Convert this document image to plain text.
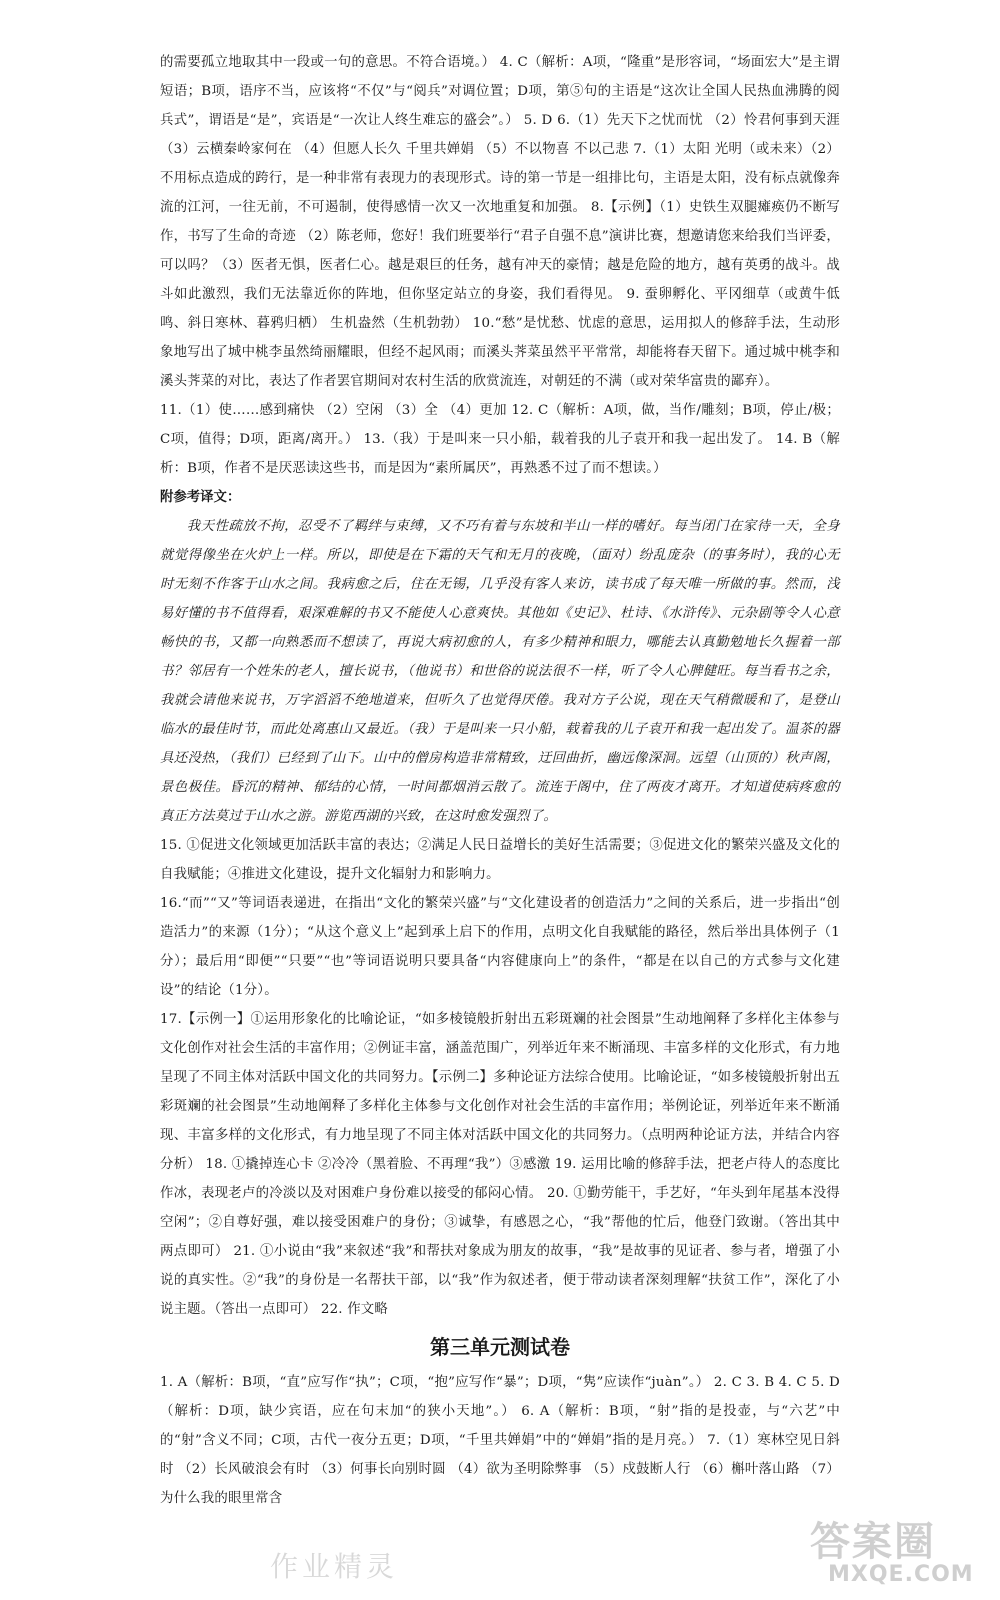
的需要孤立地取其中一段或一句的意思。不符合语境。） 4. C（解析：A项，“隆重”是形容词，“场面宏大”是主谓短语；B项，语序不当，应该将“不仅”与“阅兵”对调位置；D项，第⑤句的主语是“这次让全国人民热血沸腾的阅兵式”，谓语是“是”，宾语是“一次让人终生难忘的盛会”。） 5. D 6.（1）先天下之忧而忧 （2）怜君何事到天涯 （3）云横秦岭家何在 （4）但愿人长久 千里共婵娟 （5）不以物喜 不以己悲 7.（1）太阳 光明（或未来）（2）不用标点造成的跨行，是一种非常有表现力的表现形式。诗的第一节是一组排比句，主语是太阳，没有标点就像奔流的江河，一往无前，不可遏制，使得感情一次又一次地重复和加强。 8.【示例】（1）史铁生双腿瘫痪仍不断写作，书写了生命的奇迹 （2）陈老师，您好！我们班要举行“君子自强不息”演讲比赛，想邀请您来给我们当评委，可以吗？（3）医者无惧，医者仁心。越是艰巨的任务，越有冲天的豪情；越是危险的地方，越有英勇的战斗。战斗如此激烈，我们无法靠近你的阵地，但你坚定站立的身姿，我们看得见。 9. 蚕卵孵化、平冈细草（或黄牛低鸣、斜日寒林、暮鸦归栖） 生机盎然（生机勃勃） 10.“愁”是忧愁、忧虑的意思，运用拟人的修辞手法，生动形象地写出了城中桃李虽然绮丽耀眼，但经不起风雨；而溪头荠菜虽然平平常常，却能将春天留下。通过城中桃李和溪头荠菜的对比，表达了作者罢官期间对农村生活的欣赏流连，对朝廷的不满（或对荣华富贵的鄙弃）。

11.（1）使……感到痛快 （2）空闲 （3）全 （4）更加 12. C（解析：A项，做，当作/雕刻；B项，停止/极；C项，值得；D项，距离/离开。） 13.（我）于是叫来一只小船，载着我的儿子袁开和我一起出发了。 14. B（解析：B项，作者不是厌恶读这些书，而是因为“素所属厌”，再熟悉不过了而不想读。）

附参考译文：

我天性疏放不拘，忍受不了羁绊与束缚，又不巧有着与东坡和半山一样的嗜好。每当闭门在家待一天，全身就觉得像坐在火炉上一样。所以，即使是在下霜的天气和无月的夜晚，（面对）纷乱庞杂（的事务时），我的心无时无刻不作客于山水之间。我病愈之后，住在无锡，几乎没有客人来访，读书成了每天唯一所做的事。然而，浅易好懂的书不值得看，艰深难解的书又不能使人心意爽快。其他如《史记》、杜诗、《水浒传》、元杂剧等令人心意畅快的书，又都一向熟悉而不想读了，再说大病初愈的人，有多少精神和眼力，哪能去认真勤勉地长久握着一部书？邻居有一个姓朱的老人，擅长说书，（他说书）和世俗的说法很不一样，听了令人心脾健旺。每当看书之余，我就会请他来说书，万字滔滔不绝地道来，但听久了也觉得厌倦。我对方子公说，现在天气稍微暖和了，是登山临水的最佳时节，而此处离惠山又最近。（我）于是叫来一只小船，载着我的儿子袁开和我一起出发了。温茶的器具还没热，（我们）已经到了山下。山中的僧房构造非常精致，迂回曲折，幽远像深洞。远望（山顶的）秋声阁，景色极佳。昏沉的精神、郁结的心情，一时间都烟消云散了。流连于阁中，住了两夜才离开。才知道使病疼愈的真正方法莫过于山水之游。游览西湖的兴致，在这时愈发强烈了。

15. ①促进文化领域更加活跃丰富的表达；②满足人民日益增长的美好生活需要；③促进文化的繁荣兴盛及文化的自我赋能；④推进文化建设，提升文化辐射力和影响力。

16.“而”“又”等词语表递进，在指出“文化的繁荣兴盛”与“文化建设者的创造活力”之间的关系后，进一步指出“创造活力”的来源（1分）；“从这个意义上”起到承上启下的作用，点明文化自我赋能的路径，然后举出具体例子（1分）；最后用“即便”“只要”“也”等词语说明只要具备“内容健康向上”的条件，“都是在以自己的方式参与文化建设”的结论（1分）。

17.【示例一】①运用形象化的比喻论证，“如多棱镜般折射出五彩斑斓的社会图景”生动地阐释了多样化主体参与文化创作对社会生活的丰富作用；②例证丰富，涵盖范围广，列举近年来不断涌现、丰富多样的文化形式，有力地呈现了不同主体对活跃中国文化的共同努力。【示例二】多种论证方法综合使用。比喻论证，“如多棱镜般折射出五彩斑斓的社会图景”生动地阐释了多样化主体参与文化创作对社会生活的丰富作用；举例论证，列举近年来不断涌现、丰富多样的文化形式，有力地呈现了不同主体对活跃中国文化的共同努力。（点明两种论证方法，并结合内容分析） 18. ①撬掉连心卡 ②冷冷（黑着脸、不再理“我”）③感激 19. 运用比喻的修辞手法，把老卢待人的态度比作冰，表现老卢的冷淡以及对困难户身份难以接受的郁闷心情。 20. ①勤劳能干，手艺好，“年头到年尾基本没得空闲”；②自尊好强，难以接受困难户的身份；③诚挚，有感恩之心，“我”帮他的忙后，他登门致谢。（答出其中两点即可） 21. ①小说由“我”来叙述“我”和帮扶对象成为朋友的故事，“我”是故事的见证者、参与者，增强了小说的真实性。②“我”的身份是一名帮扶干部，以“我”作为叙述者，便于带动读者深刻理解“扶贫工作”，深化了小说主题。（答出一点即可） 22. 作文略

第三单元测试卷

1. A（解析：B项，“直”应写作“执”；C项，“抱”应写作“暴”；D项，“隽”应读作“juàn”。） 2. C 3. B 4. C 5. D（解析：D项，缺少宾语，应在句末加“的狭小天地”。） 6. A（解析：B项，“射”指的是投壶，与“六艺”中的“射”含义不同；C项，古代一夜分五更；D项，“千里共婵娟”中的“婵娟”指的是月亮。） 7.（1）寒林空见日斜时 （2）长风破浪会有时 （3）何事长向别时圆 （4）欲为圣明除弊事 （5）戍鼓断人行 （6）槲叶落山路 （7）为什么我的眼里常含

作业精灵
答案圈
MXQE.COM
